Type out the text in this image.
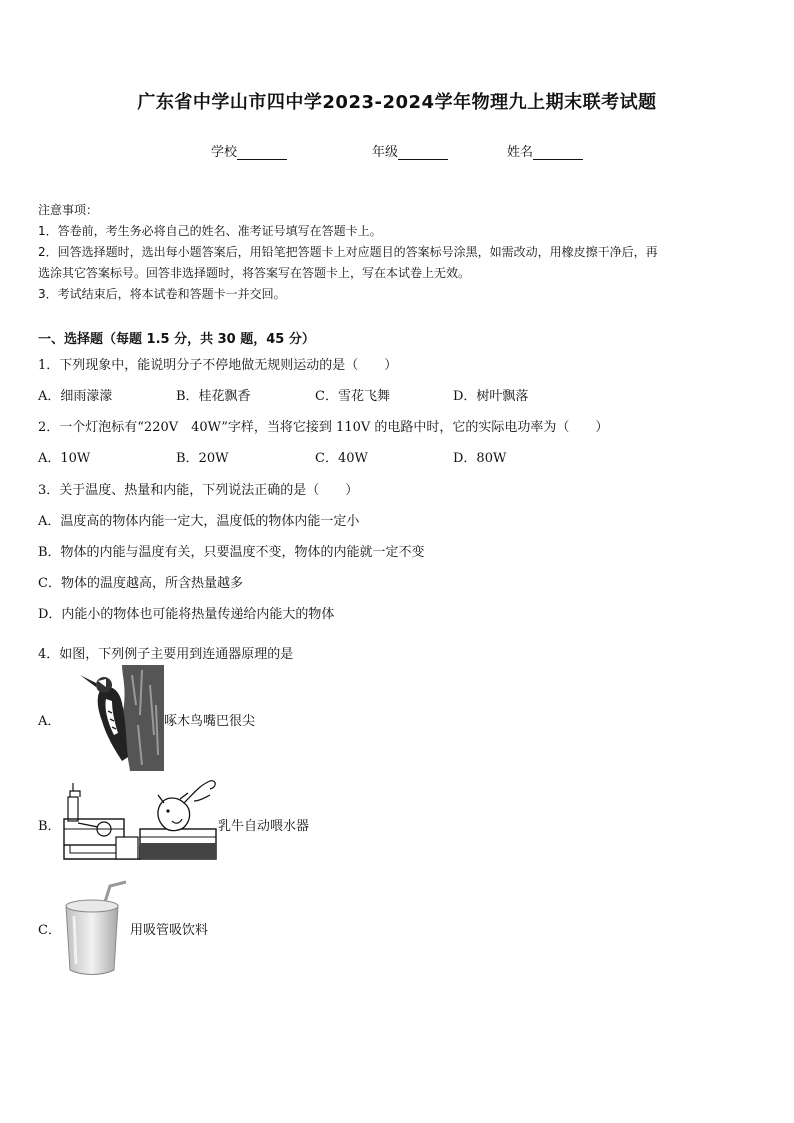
广东省中学山市四中学2023-2024学年物理九上期末联考试题
学校	年级	姓名
注意事项：
1．答卷前，考生务必将自己的姓名、准考证号填写在答题卡上。
2．回答选择题时，选出每小题答案后，用铅笔把答题卡上对应题目的答案标号涂黑，如需改动，用橡皮擦干净后，再
选涂其它答案标号。回答非选择题时，将答案写在答题卡上，写在本试卷上无效。
3．考试结束后，将本试卷和答题卡一并交回。
一、选择题（每题 1.5 分，共 30 题，45 分）
1．下列现象中，能说明分子不停地做无规则运动的是（　　）
A．细雨濛濛	B．桂花飘香	C．雪花飞舞	D．树叶飘落
2．一个灯泡标有“220V　40W”字样，当将它接到 110V 的电路中时，它的实际电功率为（　　）
A．10W	B．20W	C．40W	D．80W
3．关于温度、热量和内能，下列说法正确的是（　　）
A．温度高的物体内能一定大，温度低的物体内能一定小
B．物体的内能与温度有关，只要温度不变，物体的内能就一定不变
C．物体的温度越高，所含热量越多
D．内能小的物体也可能将热量传递给内能大的物体
4．如图，下列例子主要用到连通器原理的是
A．	啄木鸟嘴巴很尖
B．	乳牛自动喂水器
C．	用吸管吸饮料
